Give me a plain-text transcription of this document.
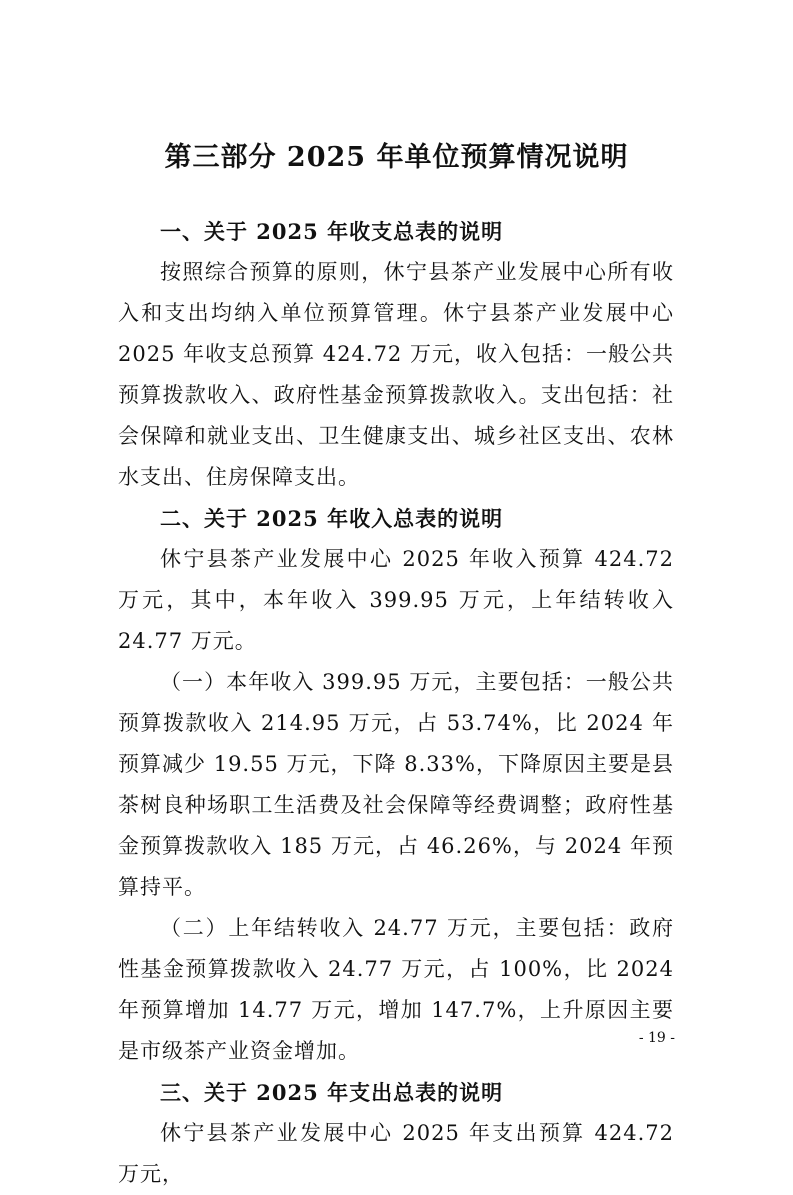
第三部分 2025 年单位预算情况说明

一、关于 2025 年收支总表的说明

按照综合预算的原则，休宁县茶产业发展中心所有收入和支出均纳入单位预算管理。休宁县茶产业发展中心 2025 年收支总预算 424.72 万元，收入包括：一般公共预算拨款收入、政府性基金预算拨款收入。支出包括：社会保障和就业支出、卫生健康支出、城乡社区支出、农林水支出、住房保障支出。

二、关于 2025 年收入总表的说明

休宁县茶产业发展中心 2025 年收入预算 424.72 万元，其中，本年收入 399.95 万元，上年结转收入 24.77 万元。

（一）本年收入 399.95 万元，主要包括：一般公共预算拨款收入 214.95 万元，占 53.74%，比 2024 年预算减少 19.55 万元，下降 8.33%，下降原因主要是县茶树良种场职工生活费及社会保障等经费调整；政府性基金预算拨款收入 185 万元，占 46.26%，与 2024 年预算持平。

（二）上年结转收入 24.77 万元，主要包括：政府性基金预算拨款收入 24.77 万元，占 100%，比 2024 年预算增加 14.77 万元，增加 147.7%，上升原因主要是市级茶产业资金增加。

三、关于 2025 年支出总表的说明

休宁县茶产业发展中心 2025 年支出预算 424.72 万元，

- 19 -
